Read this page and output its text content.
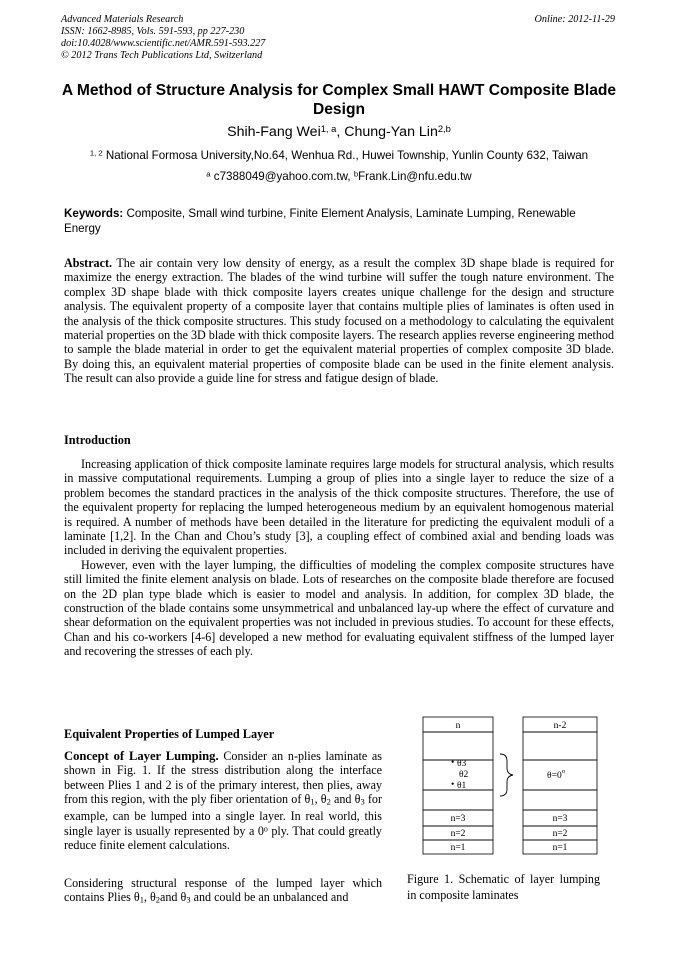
Advanced Materials Research
ISSN: 1662-8985, Vols. 591-593, pp 227-230
doi:10.4028/www.scientific.net/AMR.591-593.227
© 2012 Trans Tech Publications Ltd, Switzerland
Online: 2012-11-29
A Method of Structure Analysis for Complex Small HAWT Composite Blade Design
Shih-Fang Wei$^{1, a}$, Chung-Yan Lin$^{2,b}$
$^{1, 2}$ National Formosa University,No.64, Wenhua Rd., Huwei Township, Yunlin County 632, Taiwan
$^a$ c7388049@yahoo.com.tw, $^b$Frank.Lin@nfu.edu.tw
Keywords: Composite, Small wind turbine, Finite Element Analysis, Laminate Lumping, Renewable Energy

Abstract. The air contain very low density of energy, as a result the complex 3D shape blade is required for maximize the energy extraction. The blades of the wind turbine will suffer the tough nature environment. The complex 3D shape blade with thick composite layers creates unique challenge for the design and structure analysis. The equivalent property of a composite layer that contains multiple plies of laminates is often used in the analysis of the thick composite structures. This study focused on a methodology to calculating the equivalent material properties on the 3D blade with thick composite layers. The research applies reverse engineering method to sample the blade material in order to get the equivalent material properties of complex composite 3D blade. By doing this, an equivalent material properties of composite blade can be used in the finite element analysis. The result can also provide a guide line for stress and fatigue design of blade.

Introduction

Increasing application of thick composite laminate requires large models for structural analysis, which results in massive computational requirements. Lumping a group of plies into a single layer to reduce the size of a problem becomes the standard practices in the analysis of the thick composite structures. Therefore, the use of the equivalent property for replacing the lumped heterogeneous medium by an equivalent homogenous material is required. A number of methods have been detailed in the literature for predicting the equivalent moduli of a laminate [1,2]. In the Chan and Chou’s study [3], a coupling effect of combined axial and bending loads was included in deriving the equivalent properties.

However, even with the layer lumping, the difficulties of modeling the complex composite structures have still limited the finite element analysis on blade. Lots of researches on the composite blade therefore are focused on the 2D plan type blade which is easier to model and analysis. In addition, for complex 3D blade, the construction of the blade contains some unsymmetrical and unbalanced lay-up where the effect of curvature and shear deformation on the equivalent properties was not included in previous studies. To account for these effects, Chan and his co-workers [4-6] developed a new method for evaluating equivalent stiffness of the lumped layer and recovering the stresses of each ply.

Equivalent Properties of Lumped Layer

Concept of Layer Lumping. Consider an n-plies laminate as shown in Fig. 1. If the stress distribution along the interface between Plies 1 and 2 is of the primary interest, then plies, away from this region, with the ply fiber orientation of θ1, θ2 and θ3 for example, can be lumped into a single layer. In real world, this single layer is usually represented by a 0$^o$ ply. That could greatly reduce finite element calculations.

Considering structural response of the lumped layer which contains Plies θ1, θ2and θ3 and could be an unbalanced and

n	n-2
• θ3
θ2
• θ1
$\theta=0^o$
n=3
n=2
n=1
n=3
n=2
n=1
Figure 1. Schematic of layer lumping in composite laminates
